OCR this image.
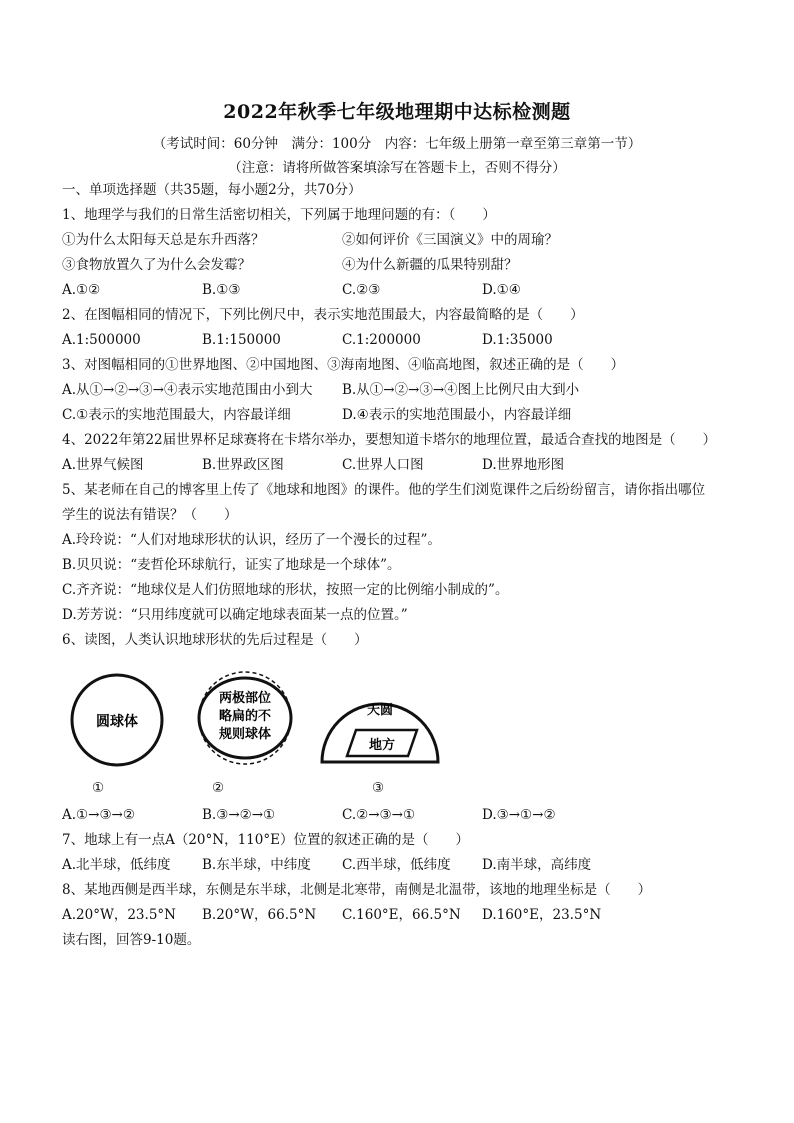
2022年秋季七年级地理期中达标检测题
（考试时间：60分钟　满分：100分　内容：七年级上册第一章至第三章第一节）
（注意：请将所做答案填涂写在答题卡上，否则不得分）
一、单项选择题（共35题，每小题2分，共70分）
1、地理学与我们的日常生活密切相关，下列属于地理问题的有：（　　）
①为什么太阳每天总是东升西落？	②如何评价《三国演义》中的周瑜？
③食物放置久了为什么会发霉？	④为什么新疆的瓜果特别甜？
A.①②	B.①③	C.②③	D.①④
2、在图幅相同的情况下，下列比例尺中，表示实地范围最大，内容最简略的是（　　）
A.1:500000	B.1:150000	C.1:200000	D.1:35000
3、对图幅相同的①世界地图、②中国地图、③海南地图、④临高地图，叙述正确的是（　　）
A.从①→②→③→④表示实地范围由小到大 B.从①→②→③→④图上比例尺由大到小
C.①表示的实地范围最大，内容最详细	D.④表示的实地范围最小，内容最详细
4、2022年第22届世界杯足球赛将在卡塔尔举办，要想知道卡塔尔的地理位置，最适合查找的地图是（　　）
A.世界气候图	B.世界政区图	C.世界人口图	D.世界地形图
5、某老师在自己的博客里上传了《地球和地图》的课件。他的学生们浏览课件之后纷纷留言，请你指出哪位
学生的说法有错误？（　　）
A.玲玲说：“人们对地球形状的认识，经历了一个漫长的过程”。
B.贝贝说：“麦哲伦环球航行，证实了地球是一个球体”。
C.齐齐说：“地球仪是人们仿照地球的形状，按照一定的比例缩小制成的”。
D.芳芳说：“只用纬度就可以确定地球表面某一点的位置。”
6、读图，人类认识地球形状的先后过程是（　　）
圆球体
两极部位
略扁的不
规则球体
天圆
地方
①	②	③
A.①→③→②	B.③→②→①	C.②→③→①	D.③→①→②
7、地球上有一点A（20°N，110°E）位置的叙述正确的是（　　）
A.北半球，低纬度 B.东半球，中纬度 C.西半球，低纬度 D.南半球，高纬度
8、某地西侧是西半球，东侧是东半球，北侧是北寒带，南侧是北温带，该地的地理坐标是（　　）
A.20°W，23.5°N B.20°W，66.5°N C.160°E，66.5°N D.160°E，23.5°N
读右图，回答9-10题。
